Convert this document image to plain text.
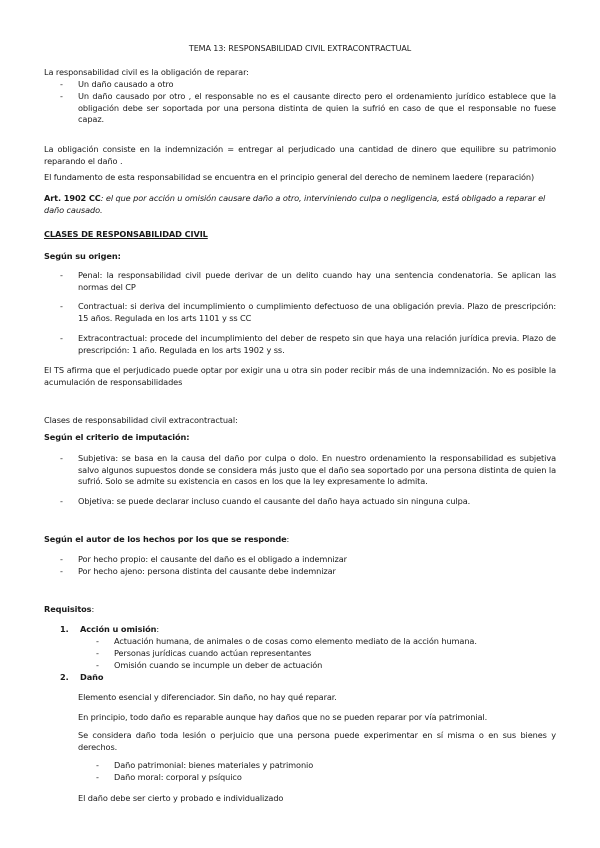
TEMA 13: RESPONSABILIDAD CIVIL EXTRACONTRACTUAL
La responsabilidad civil es la obligación de reparar:
- Un daño causado a otro
- Un daño causado por otro , el responsable no es el causante directo pero el ordenamiento jurídico establece que la obligación debe ser soportada por una persona distinta de quien la sufrió en caso de que el responsable no fuese capaz.
La obligación consiste en la indemnización = entregar al perjudicado una cantidad de dinero que equilibre su patrimonio reparando el daño .
El fundamento de esta responsabilidad se encuentra en el principio general del derecho de neminem laedere (reparación)
Art. 1902 CC: el que por acción u omisión causare daño a otro, interviniendo culpa o negligencia, está obligado a reparar el daño causado.
CLASES DE RESPONSABILIDAD CIVIL
Según su origen:
- Penal: la responsabilidad civil puede derivar de un delito cuando hay una sentencia condenatoria. Se aplican las normas del CP
- Contractual: si deriva del incumplimiento o cumplimiento defectuoso de una obligación previa. Plazo de prescripción: 15 años. Regulada en los arts 1101 y ss CC
- Extracontractual: procede del incumplimiento del deber de respeto sin que haya una relación jurídica previa. Plazo de prescripción: 1 año. Regulada en los arts 1902 y ss.
El TS afirma que el perjudicado puede optar por exigir una u otra sin poder recibir más de una indemnización. No es posible la acumulación de responsabilidades
Clases de responsabilidad civil extracontractual:
Según el criterio de imputación:
- Subjetiva: se basa en la causa del daño por culpa o dolo. En nuestro ordenamiento la responsabilidad es subjetiva salvo algunos supuestos donde se considera más justo que el daño sea soportado por una persona distinta de quien la sufrió. Solo se admite su existencia en casos en los que la ley expresamente lo admita.
- Objetiva: se puede declarar incluso cuando el causante del daño haya actuado sin ninguna culpa.
Según el autor de los hechos por los que se responde:
- Por hecho propio: el causante del daño es el obligado a indemnizar
- Por hecho ajeno: persona distinta del causante debe indemnizar
Requisitos:
1. Acción u omisión:
- Actuación humana, de animales o de cosas como elemento mediato de la acción humana.
- Personas jurídicas cuando actúan representantes
- Omisión cuando se incumple un deber de actuación
2. Daño
Elemento esencial y diferenciador. Sin daño, no hay qué reparar.
En principio, todo daño es reparable aunque hay daños que no se pueden reparar por vía patrimonial.
Se considera daño toda lesión o perjuicio que una persona puede experimentar en sí misma o en sus bienes y derechos.
- Daño patrimonial: bienes materiales y patrimonio
- Daño moral: corporal y psíquico
El daño debe ser cierto y probado e individualizado
